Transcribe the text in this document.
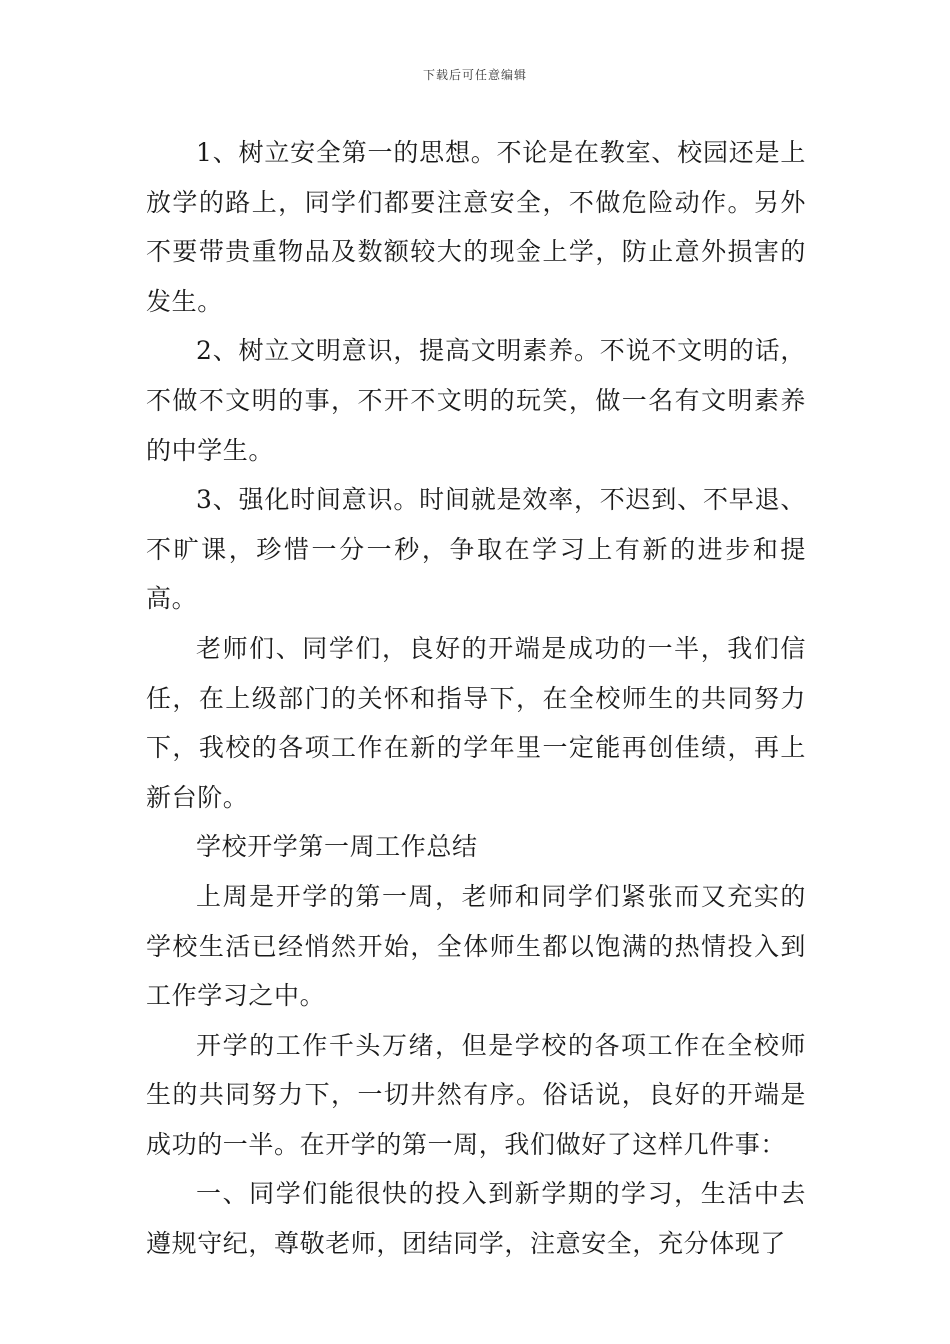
下载后可任意编辑

1、树立安全第一的思想。不论是在教室、校园还是上放学的路上，同学们都要注意安全，不做危险动作。另外不要带贵重物品及数额较大的现金上学，防止意外损害的发生。

2、树立文明意识，提高文明素养。不说不文明的话，不做不文明的事，不开不文明的玩笑，做一名有文明素养的中学生。

3、强化时间意识。时间就是效率，不迟到、不早退、不旷课，珍惜一分一秒，争取在学习上有新的进步和提高。

老师们、同学们，良好的开端是成功的一半，我们信任，在上级部门的关怀和指导下，在全校师生的共同努力下，我校的各项工作在新的学年里一定能再创佳绩，再上新台阶。

学校开学第一周工作总结

上周是开学的第一周，老师和同学们紧张而又充实的学校生活已经悄然开始，全体师生都以饱满的热情投入到工作学习之中。

开学的工作千头万绪，但是学校的各项工作在全校师生的共同努力下，一切井然有序。俗话说，良好的开端是成功的一半。在开学的第一周，我们做好了这样几件事：

一、同学们能很快的投入到新学期的学习，生活中去遵规守纪，尊敬老师，团结同学，注意安全，充分体现了
